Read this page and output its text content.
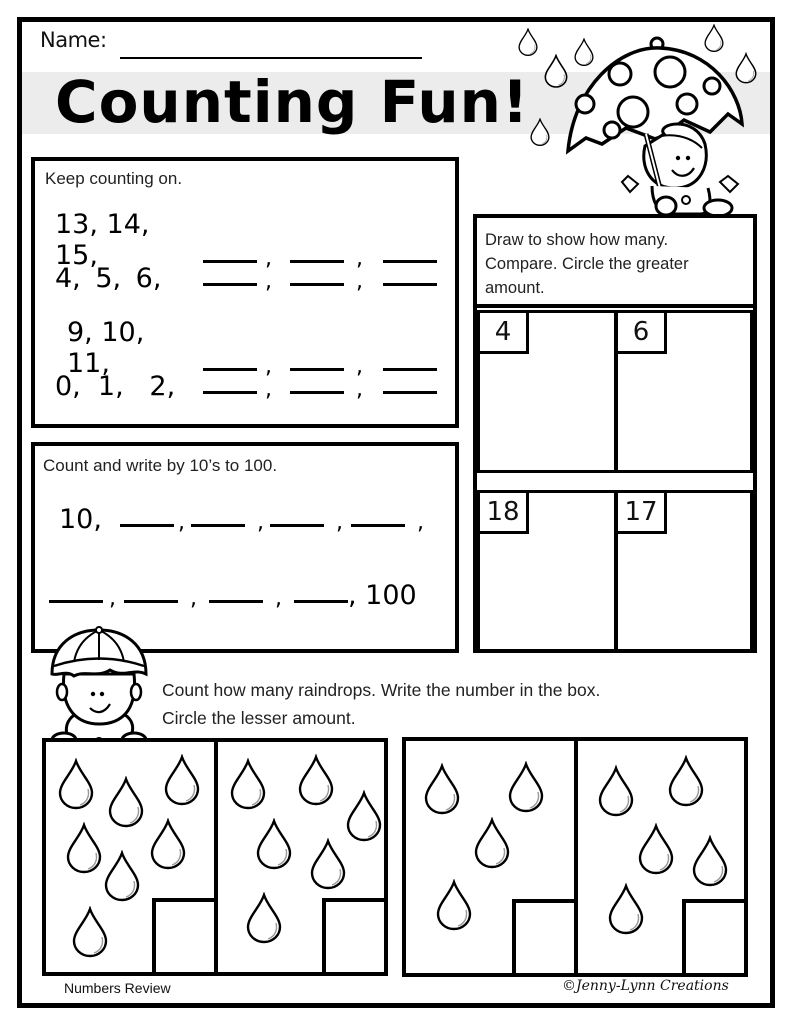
Name:
Counting Fun!
Keep counting on.
13, 14, 15,	,	,
4, 5, 6,	,	,
9, 10, 11,	,	,
0,  1,   2,	,	,
Count and write by 10’s to 100.
10,	,	,	,	,
,	,	, , 100
Draw to show how many.
Compare. Circle the greater
amount.
4	6
18	17
Count how many raindrops. Write the number in the box.
Circle the lesser amount.
Numbers Review	©Jenny-Lynn Creations
